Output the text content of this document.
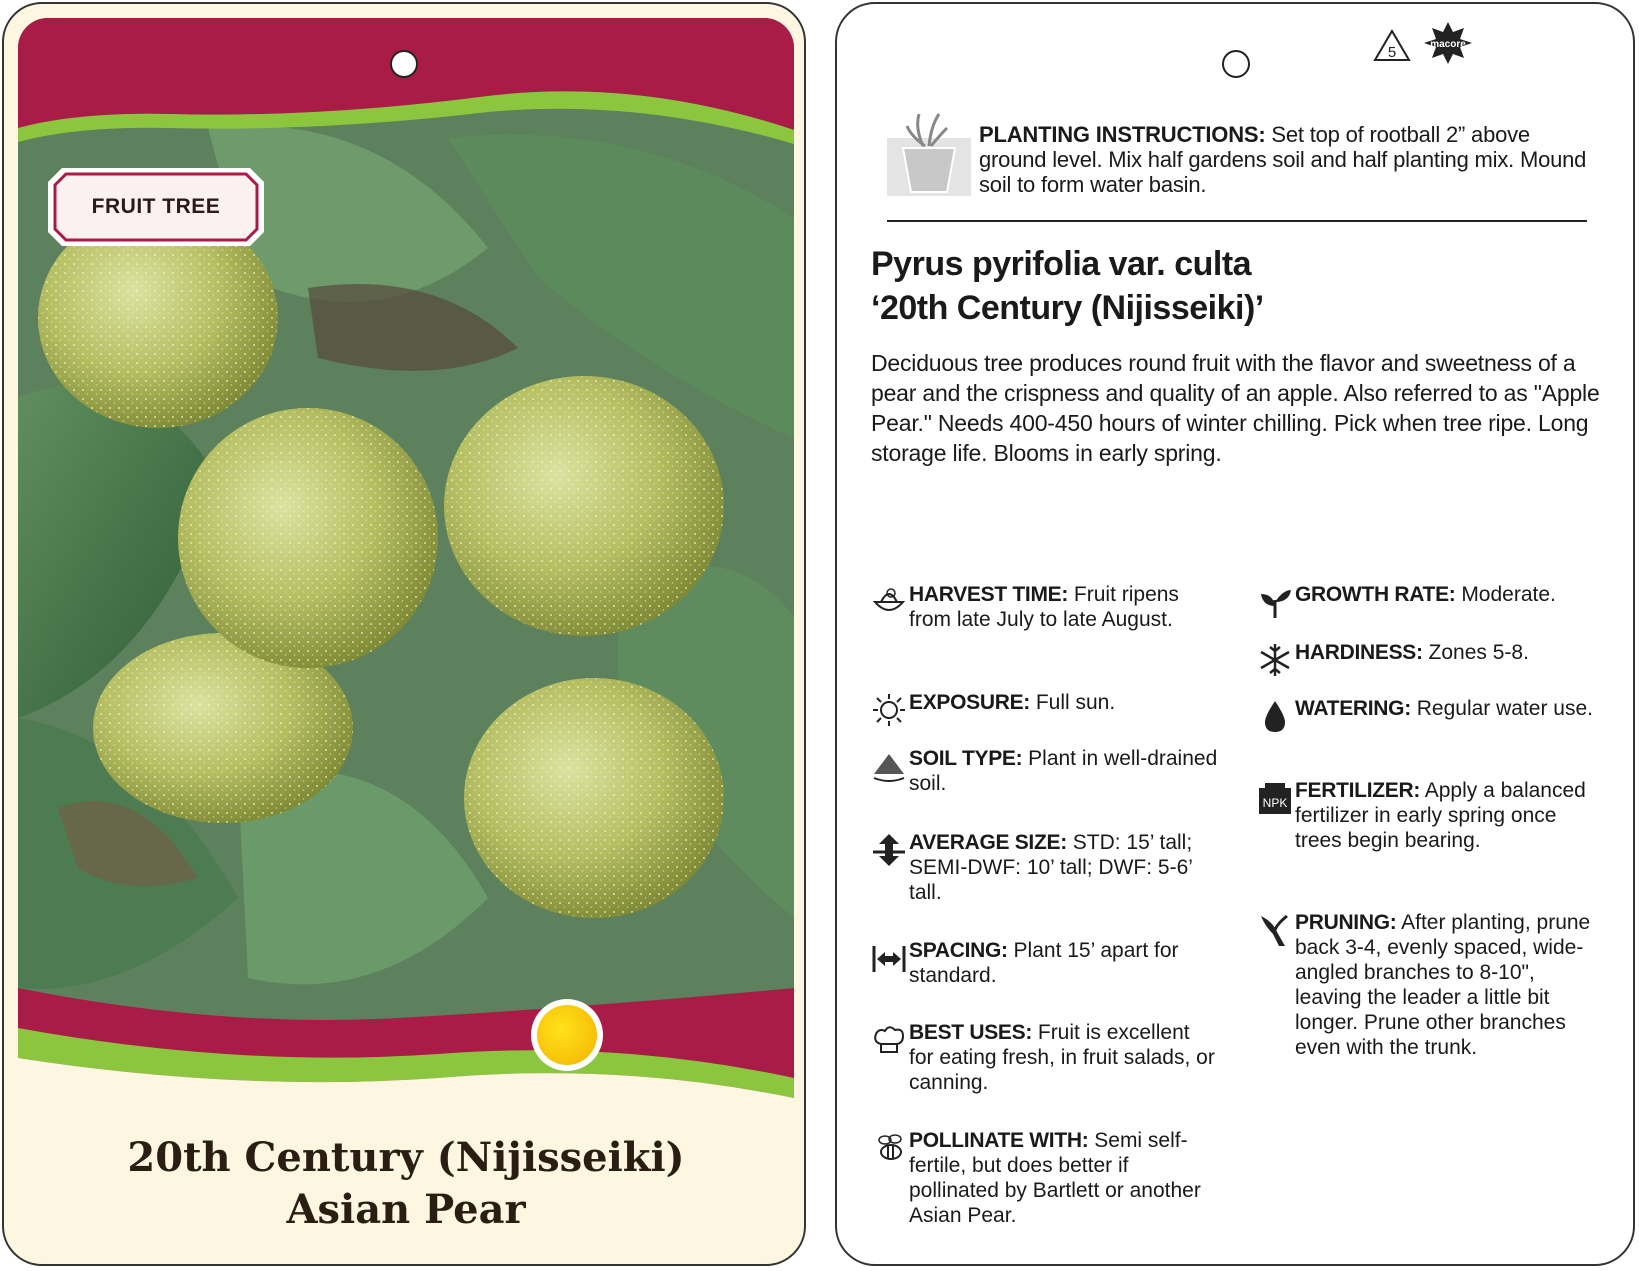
FRUIT TREE
20th Century (Nijisseiki)
Asian Pear
5	macore
PLANTING INSTRUCTIONS: Set top of rootball 2” above ground level. Mix half gardens soil and half planting mix. Mound soil to form water basin.
Pyrus pyrifolia var. culta
‘20th Century (Nijisseiki)’
Deciduous tree produces round fruit with the flavor and sweetness of a pear and the crispness and quality of an apple. Also referred to as "Apple Pear." Needs 400-450 hours of winter chilling. Pick when tree ripe. Long storage life. Blooms in early spring.
HARVEST TIME: Fruit ripens from late July to late August.
EXPOSURE: Full sun.
SOIL TYPE: Plant in well-drained soil.
AVERAGE SIZE: STD: 15’ tall; SEMI-DWF: 10’ tall; DWF: 5-6’ tall.
SPACING: Plant 15’ apart for standard.
BEST USES: Fruit is excellent for eating fresh, in fruit salads, or canning.
POLLINATE WITH: Semi self-fertile, but does better if pollinated by Bartlett or another Asian Pear.
GROWTH RATE: Moderate.
HARDINESS: Zones 5-8.
WATERING: Regular water use.
NPK
FERTILIZER: Apply a balanced fertilizer in early spring once trees begin bearing.
PRUNING: After planting, prune back 3-4, evenly spaced, wide-angled branches to 8-10", leaving the leader a little bit longer. Prune other branches even with the trunk.
